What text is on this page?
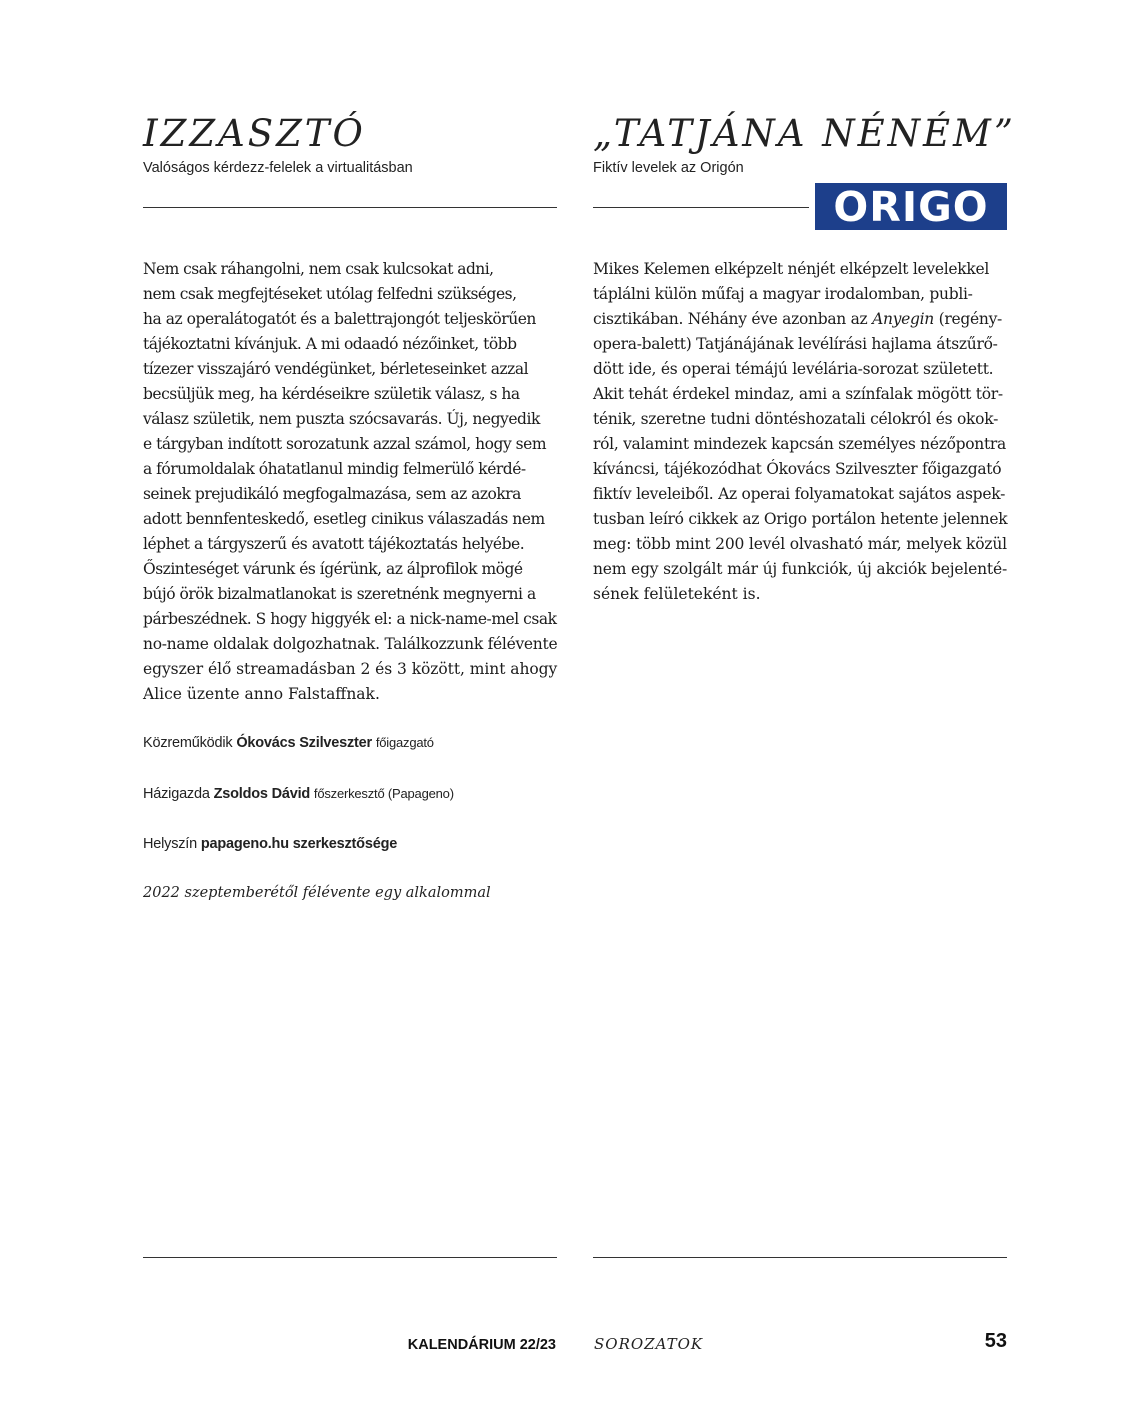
IZZASZTÓ
Valóságos kérdezz-felelek a virtualitásban
Nem csak ráhangolni, nem csak kulcsokat adni,
nem csak megfejtéseket utólag felfedni szükséges,
ha az operalátogatót és a balettrajongót teljeskörűen
tájékoztatni kívánjuk. A mi odaadó nézőinket, több
tízezer visszajáró vendégünket, bérleteseinket azzal
becsüljük meg, ha kérdéseikre születik válasz, s ha
válasz születik, nem puszta szócsavarás. Új, negyedik
e tárgyban indított sorozatunk azzal számol, hogy sem
a fórumoldalak óhatatlanul mindig felmerülő kérdé-
seinek prejudikáló megfogalmazása, sem az azokra
adott bennfenteskedő, esetleg cinikus válaszadás nem
léphet a tárgyszerű és avatott tájékoztatás helyébe.
Őszinteséget várunk és ígérünk, az álprofilok mögé
bújó örök bizalmatlanokat is szeretnénk megnyerni a
párbeszédnek. S hogy higgyék el: a nick-name-mel csak
no-name oldalak dolgozhatnak. Találkozzunk félévente
egyszer élő streamadásban 2 és 3 között, mint ahogy
Alice üzente anno Falstaffnak.
Közreműködik Ókovács Szilveszter főigazgató
Házigazda Zsoldos Dávid főszerkesztő (Papageno)
Helyszín papageno.hu szerkesztősége
2022 szeptemberétől félévente egy alkalommal
„TATJÁNA NÉNÉM”
Fiktív levelek az Origón
ORIGO
Mikes Kelemen elképzelt nénjét elképzelt levelekkel
táplálni külön műfaj a magyar irodalomban, publi-
cisztikában. Néhány éve azonban az Anyegin (regény-
opera-balett) Tatjánájának levélírási hajlama átszűrő-
dött ide, és operai témájú levélária-sorozat született.
Akit tehát érdekel mindaz, ami a színfalak mögött tör-
ténik, szeretne tudni döntéshozatali célokról és okok-
ról, valamint mindezek kapcsán személyes nézőpontra
kíváncsi, tájékozódhat Ókovács Szilveszter főigazgató
fiktív leveleiből. Az operai folyamatokat sajátos aspek-
tusban leíró cikkek az Origo portálon hetente jelennek
meg: több mint 200 levél olvasható már, melyek közül
nem egy szolgált már új funkciók, új akciók bejelenté-
sének felületeként is.
KALENDÁRIUM 22/23	SOROZATOK	53
